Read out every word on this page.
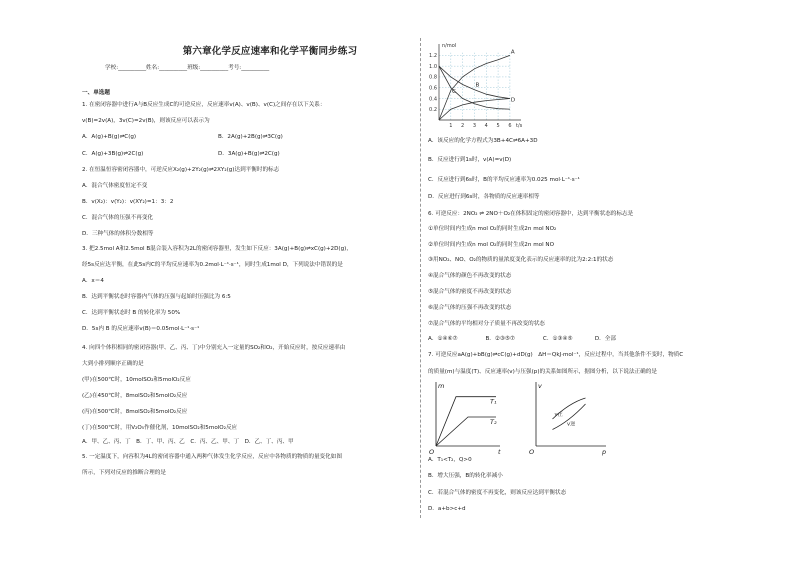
第六章化学反应速率和化学平衡同步练习
学校:__________姓名:__________班级:__________考号:__________
一、单选题
1. 在密闭容器中进行A与B反应生成C的可逆反应，反应速率v(A)、v(B)、v(C)之间存在以下关系：
v(B)=2v(A)，3v(C)=2v(B)，则该反应可以表示为
A．A(g)+B(g)⇌C(g)	B．2A(g)+2B(g)⇌3C(g)
C．A(g)+3B(g)⇌2C(g)	D．3A(g)+B(g)⇌2C(g)
2. 在恒温恒容密闭容器中，可逆反应X₂(g)+2Y₂(g)⇌2XY₂(g)达到平衡时的标志
A．混合气体密度恒定不变
B．v(X₂)：v(Y₂)：v(XY₂)=1：3：2
C．混合气体的压强不再变化
D．三种气体的体积分数相等
3. 把2.5mol A和2.5mol B混合装入容积为2L的密闭容器里，发生如下反应：3A(g)+B(g)⇌xC(g)+2D(g)，
经5s反应达平衡，在此5s内C的平均反应速率为0.2mol·L⁻¹·s⁻¹，同时生成1mol D，下列说法中错误的是
A．x＝4
B．达到平衡状态时容器内气体的压强与起始时压强比为 6:5
C．达到平衡状态时 B 的转化率为 50%
D．5s内 B 的反应速率v(B)＝0.05mol·L⁻¹·s⁻¹
4. 向四个体积相同的密闭容器(甲、乙、丙、丁)中分别充入一定量的SO₂和O₂，开始反应时，按反应速率由
大到小排列顺序正确的是
(甲)在500℃时，10molSO₂和5molO₂反应
(乙)在450℃时，8molSO₂和5molO₂反应
(丙)在500℃时，8molSO₂和5molO₂反应
(丁)在500℃时，用V₂O₅作催化剂，10molSO₂和5molO₂反应
A．甲、乙、丙、丁　B．丁、甲、丙、乙　C．丙、乙、甲、丁　D．乙、丁、丙、甲
5. 一定温度下，向容积为4L的密闭容器中通入两种气体发生化学反应，反应中各物质的物质的量变化如图
所示，下列对反应的推断合理的是
0.2
0.4
0.6
0.8
1.0
1.2
1 2 3 4 5 6
n/mol
t/s
A
B
C
D
A．该反应的化学方程式为3B+4C⇌6A+3D
B．反应进行到1s时，v(A)=v(D)
C．反应进行到6s时，B的平均反应速率为0.025 mol·L⁻¹·s⁻¹
D．反应进行到6s时，各物质的反应速率相等
6. 可逆反应：2NO₂ ⇌ 2NO＋O₂在体积固定的密闭容器中，达到平衡状态的标志是
①单位时间内生成n mol O₂的同时生成2n mol NO₂
②单位时间内生成n mol O₂的同时生成2n mol NO
③用NO₂、NO、O₂的物质的量浓度变化表示的反应速率的比为2:2:1的状态
④混合气体的颜色不再改变的状态
⑤混合气体的密度不再改变的状态
⑥混合气体的压强不再改变的状态
⑦混合气体的平均相对分子质量不再改变的状态
A．①④⑥⑦　　　　　B．②③⑤⑦　　　　　C．①③④⑤　　　　D．全部
7. 可逆反应aA(g)+bB(g)⇌cC(g)+dD(g)　ΔH＝QkJ·mol⁻¹，反应过程中，当其他条件不变时，物质C
的质量(m)与温度(T)、反应速率(v)与压强(p)的关系如图所示，据图分析，以下说法正确的是
m
t
O
T₁
T₂
v
p
O
v正
v逆
A．T₁<T₂，Q>0
B．增大压强，B的转化率减小
C．若混合气体的密度不再变化，则该反应达到平衡状态
D．a+b>c+d
